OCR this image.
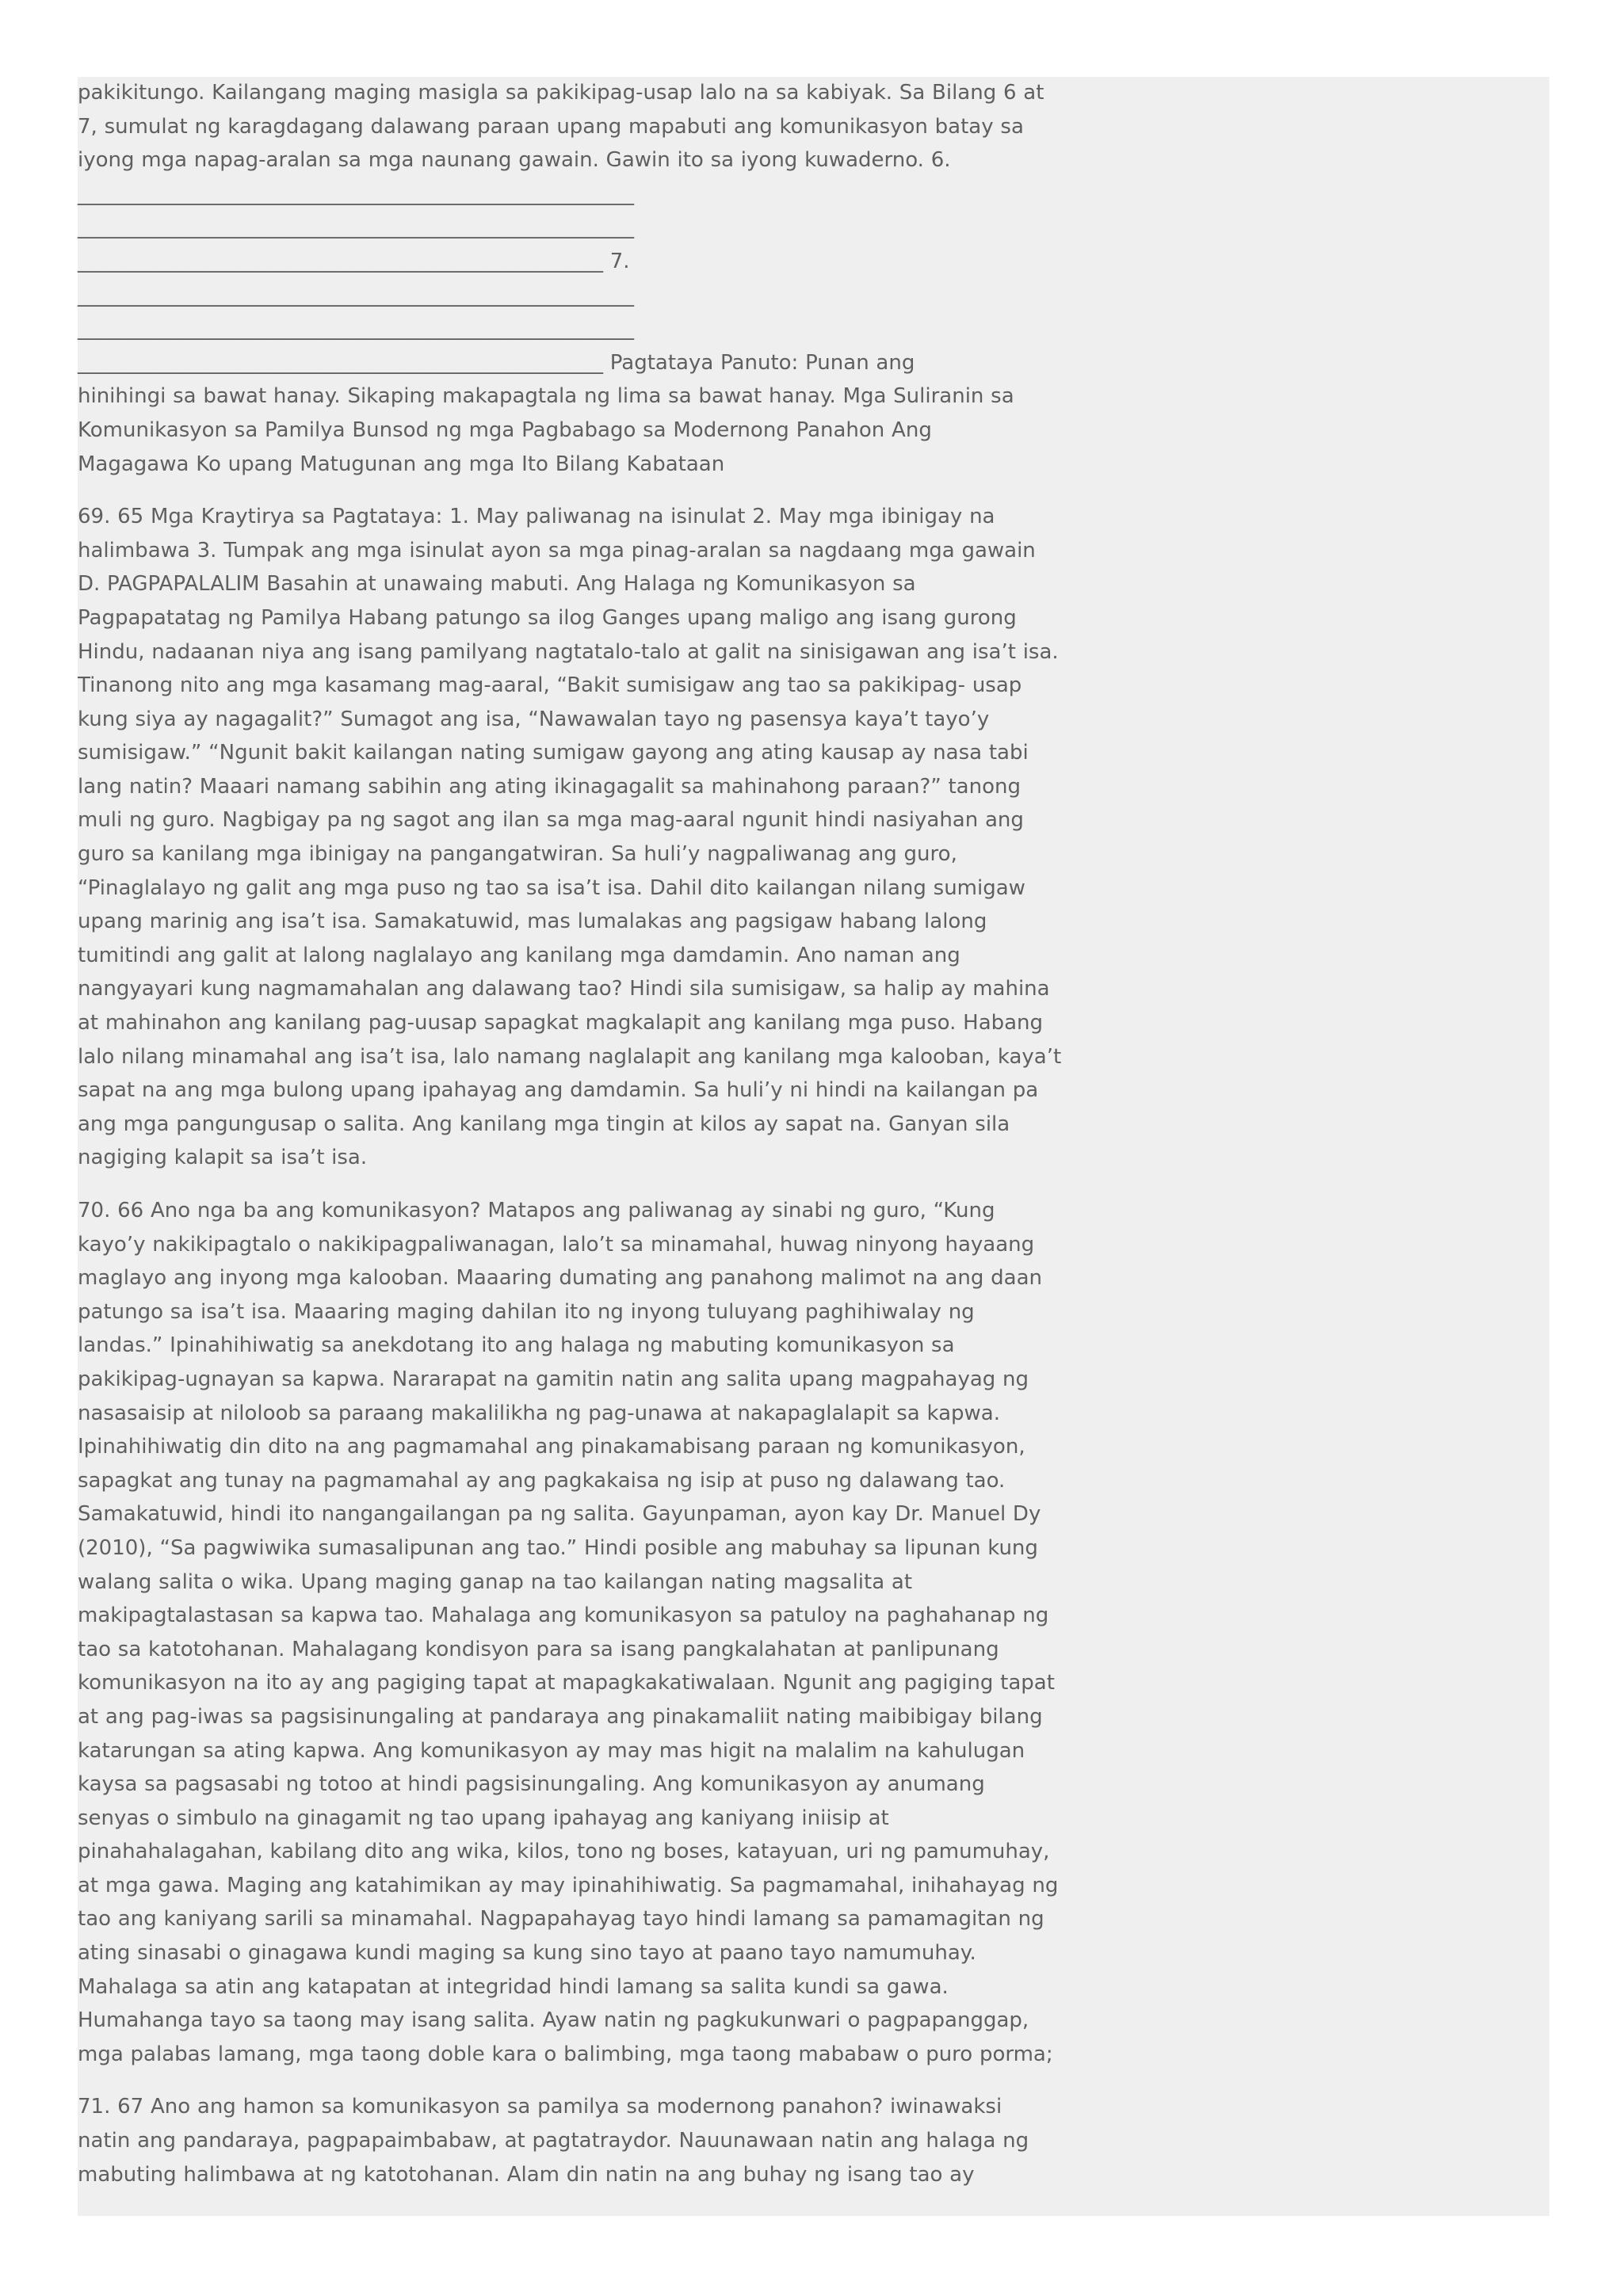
pakikitungo. Kailangang maging masigla sa pakikipag-usap lalo na sa kabiyak. Sa Bilang 6 at
7, sumulat ng karagdagang dalawang paraan upang mapabuti ang komunikasyon batay sa
iyong mga napag-aralan sa mga naunang gawain. Gawin ito sa iyong kuwaderno. 6.
______________________________________________________
______________________________________________________
___________________________________________________ 7.
______________________________________________________
______________________________________________________
___________________________________________________ Pagtataya Panuto: Punan ang
hinihingi sa bawat hanay. Sikaping makapagtala ng lima sa bawat hanay. Mga Suliranin sa
Komunikasyon sa Pamilya Bunsod ng mga Pagbabago sa Modernong Panahon Ang
Magagawa Ko upang Matugunan ang mga Ito Bilang Kabataan

69. 65 Mga Kraytirya sa Pagtataya: 1. May paliwanag na isinulat 2. May mga ibinigay na
halimbawa 3. Tumpak ang mga isinulat ayon sa mga pinag-aralan sa nagdaang mga gawain
D. PAGPAPALALIM Basahin at unawaing mabuti. Ang Halaga ng Komunikasyon sa
Pagpapatatag ng Pamilya Habang patungo sa ilog Ganges upang maligo ang isang gurong
Hindu, nadaanan niya ang isang pamilyang nagtatalo-talo at galit na sinisigawan ang isa’t isa.
Tinanong nito ang mga kasamang mag-aaral, “Bakit sumisigaw ang tao sa pakikipag- usap
kung siya ay nagagalit?” Sumagot ang isa, “Nawawalan tayo ng pasensya kaya’t tayo’y
sumisigaw.” “Ngunit bakit kailangan nating sumigaw gayong ang ating kausap ay nasa tabi
lang natin? Maaari namang sabihin ang ating ikinagagalit sa mahinahong paraan?” tanong
muli ng guro. Nagbigay pa ng sagot ang ilan sa mga mag-aaral ngunit hindi nasiyahan ang
guro sa kanilang mga ibinigay na pangangatwiran. Sa huli’y nagpaliwanag ang guro,
“Pinaglalayo ng galit ang mga puso ng tao sa isa’t isa. Dahil dito kailangan nilang sumigaw
upang marinig ang isa’t isa. Samakatuwid, mas lumalakas ang pagsigaw habang lalong
tumitindi ang galit at lalong naglalayo ang kanilang mga damdamin. Ano naman ang
nangyayari kung nagmamahalan ang dalawang tao? Hindi sila sumisigaw, sa halip ay mahina
at mahinahon ang kanilang pag-uusap sapagkat magkalapit ang kanilang mga puso. Habang
lalo nilang minamahal ang isa’t isa, lalo namang naglalapit ang kanilang mga kalooban, kaya’t
sapat na ang mga bulong upang ipahayag ang damdamin. Sa huli’y ni hindi na kailangan pa
ang mga pangungusap o salita. Ang kanilang mga tingin at kilos ay sapat na. Ganyan sila
nagiging kalapit sa isa’t isa.

70. 66 Ano nga ba ang komunikasyon? Matapos ang paliwanag ay sinabi ng guro, “Kung
kayo’y nakikipagtalo o nakikipagpaliwanagan, lalo’t sa minamahal, huwag ninyong hayaang
maglayo ang inyong mga kalooban. Maaaring dumating ang panahong malimot na ang daan
patungo sa isa’t isa. Maaaring maging dahilan ito ng inyong tuluyang paghihiwalay ng
landas.” Ipinahihiwatig sa anekdotang ito ang halaga ng mabuting komunikasyon sa
pakikipag-ugnayan sa kapwa. Nararapat na gamitin natin ang salita upang magpahayag ng
nasasaisip at niloloob sa paraang makalilikha ng pag-unawa at nakapaglalapit sa kapwa.
Ipinahihiwatig din dito na ang pagmamahal ang pinakamabisang paraan ng komunikasyon,
sapagkat ang tunay na pagmamahal ay ang pagkakaisa ng isip at puso ng dalawang tao.
Samakatuwid, hindi ito nangangailangan pa ng salita. Gayunpaman, ayon kay Dr. Manuel Dy
(2010), “Sa pagwiwika sumasalipunan ang tao.” Hindi posible ang mabuhay sa lipunan kung
walang salita o wika. Upang maging ganap na tao kailangan nating magsalita at
makipagtalastasan sa kapwa tao. Mahalaga ang komunikasyon sa patuloy na paghahanap ng
tao sa katotohanan. Mahalagang kondisyon para sa isang pangkalahatan at panlipunang
komunikasyon na ito ay ang pagiging tapat at mapagkakatiwalaan. Ngunit ang pagiging tapat
at ang pag-iwas sa pagsisinungaling at pandaraya ang pinakamaliit nating maibibigay bilang
katarungan sa ating kapwa. Ang komunikasyon ay may mas higit na malalim na kahulugan
kaysa sa pagsasabi ng totoo at hindi pagsisinungaling. Ang komunikasyon ay anumang
senyas o simbulo na ginagamit ng tao upang ipahayag ang kaniyang iniisip at
pinahahalagahan, kabilang dito ang wika, kilos, tono ng boses, katayuan, uri ng pamumuhay,
at mga gawa. Maging ang katahimikan ay may ipinahihiwatig. Sa pagmamahal, inihahayag ng
tao ang kaniyang sarili sa minamahal. Nagpapahayag tayo hindi lamang sa pamamagitan ng
ating sinasabi o ginagawa kundi maging sa kung sino tayo at paano tayo namumuhay.
Mahalaga sa atin ang katapatan at integridad hindi lamang sa salita kundi sa gawa.
Humahanga tayo sa taong may isang salita. Ayaw natin ng pagkukunwari o pagpapanggap,
mga palabas lamang, mga taong doble kara o balimbing, mga taong mababaw o puro porma;

71. 67 Ano ang hamon sa komunikasyon sa pamilya sa modernong panahon? iwinawaksi
natin ang pandaraya, pagpapaimbabaw, at pagtatraydor. Nauunawaan natin ang halaga ng
mabuting halimbawa at ng katotohanan. Alam din natin na ang buhay ng isang tao ay
